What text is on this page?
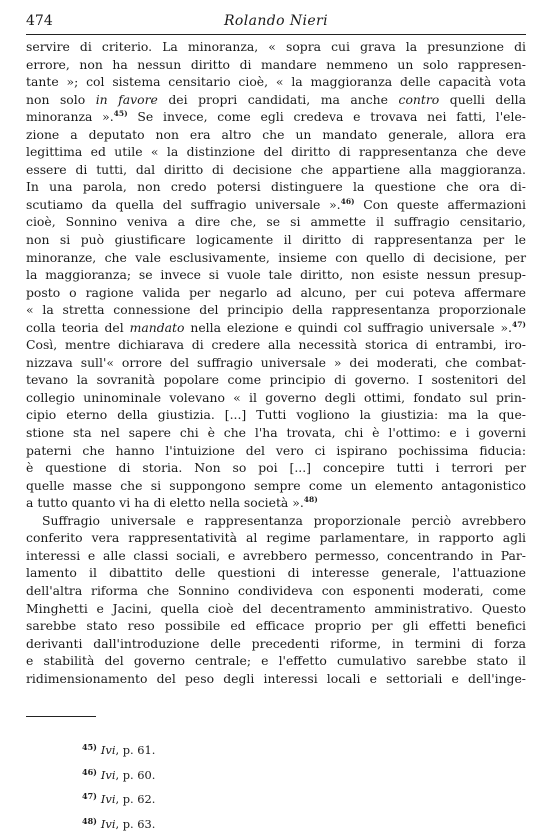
474	Rolando Nieri
servire di criterio. La minoranza, « sopra cui grava la presunzione di
errore, non ha nessun diritto di mandare nemmeno un solo rappresen-
tante »; col sistema censitario cioè, « la maggioranza delle capacità vota
non solo in favore dei propri candidati, ma anche contro quelli della
minoranza ».$^{45)}$ Se invece, come egli credeva e trovava nei fatti, l'ele-
zione a deputato non era altro che un mandato generale, allora era
legittima ed utile « la distinzione del diritto di rappresentanza che deve
essere di tutti, dal diritto di decisione che appartiene alla maggioranza.
In una parola, non credo potersi distinguere la questione che ora di-
scutiamo da quella del suffragio universale ».$^{46)}$ Con queste affermazioni
cioè, Sonnino veniva a dire che, se si ammette il suffragio censitario,
non si può giustificare logicamente il diritto di rappresentanza per le
minoranze, che vale esclusivamente, insieme con quello di decisione, per
la maggioranza; se invece si vuole tale diritto, non esiste nessun presup-
posto o ragione valida per negarlo ad alcuno, per cui poteva affermare
« la stretta connessione del principio della rappresentanza proporzionale
colla teoria del mandato nella elezione e quindi col suffragio universale ».$^{47)}$
Così, mentre dichiarava di credere alla necessità storica di entrambi, iro-
nizzava sull'« orrore del suffragio universale » dei moderati, che combat-
tevano la sovranità popolare come principio di governo. I sostenitori del
collegio uninominale volevano « il governo degli ottimi, fondato sul prin-
cipio eterno della giustizia. [...] Tutti vogliono la giustizia: ma la que-
stione sta nel sapere chi è che l'ha trovata, chi è l'ottimo: e i governi
paterni che hanno l'intuizione del vero ci ispirano pochissima fiducia:
è questione di storia. Non so poi [...] concepire tutti i terrori per
quelle masse che si suppongono sempre come un elemento antagonistico
a tutto quanto vi ha di eletto nella società ».$^{48)}$
Suffragio universale e rappresentanza proporzionale perciò avrebbero
conferito vera rappresentatività al regime parlamentare, in rapporto agli
interessi e alle classi sociali, e avrebbero permesso, concentrando in Par-
lamento il dibattito delle questioni di interesse generale, l'attuazione
dell'altra riforma che Sonnino condivideva con esponenti moderati, come
Minghetti e Jacini, quella cioè del decentramento amministrativo. Questo
sarebbe stato reso possibile ed efficace proprio per gli effetti benefici
derivanti dall'introduzione delle precedenti riforme, in termini di forza
e stabilità del governo centrale; e l'effetto cumulativo sarebbe stato il
ridimensionamento del peso degli interessi locali e settoriali e dell'inge-
$^{45)}$ Ivi, p. 61.
$^{46)}$ Ivi, p. 60.
$^{47)}$ Ivi, p. 62.
$^{48)}$ Ivi, p. 63.
